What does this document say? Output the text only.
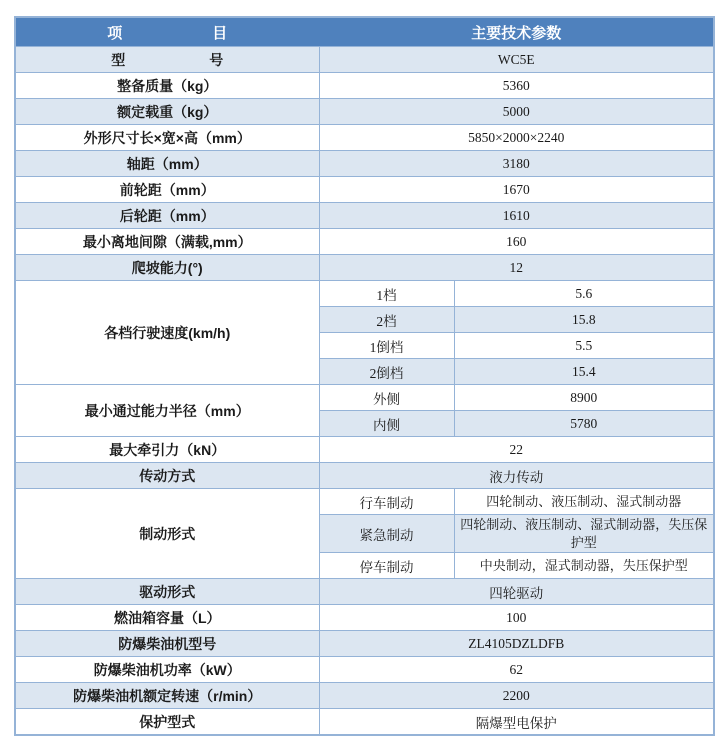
项　　　　　　目	主要技术参数	
型　　　　　　号	WC5E	
整备质量（kg）	5360	
额定载重（kg）	5000	
外形尺寸长×宽×高（mm）	5850×2000×2240	
轴距（mm）	3180	
前轮距（mm）	1670	
后轮距（mm）	1610	
最小离地间隙（满载,mm）	160	
爬坡能力(°)	12	
各档行驶速度(km/h)	1档	5.6
	2档	15.8
	1倒档	5.5
	2倒档	15.4
最小通过能力半径（mm）	外侧	8900
	内侧	5780
最大牵引力（kN）	22	
传动方式	液力传动	
制动形式	行车制动	四轮制动、液压制动、湿式制动器
	紧急制动	四轮制动、液压制动、湿式制动器，失压保护型
	停车制动	中央制动，湿式制动器，失压保护型
驱动形式	四轮驱动	
燃油箱容量（L）	100	
防爆柴油机型号	ZL4105DZLDFB	
防爆柴油机功率（kW）	62	
防爆柴油机额定转速（r/min）	2200	
保护型式	隔爆型电保护	
